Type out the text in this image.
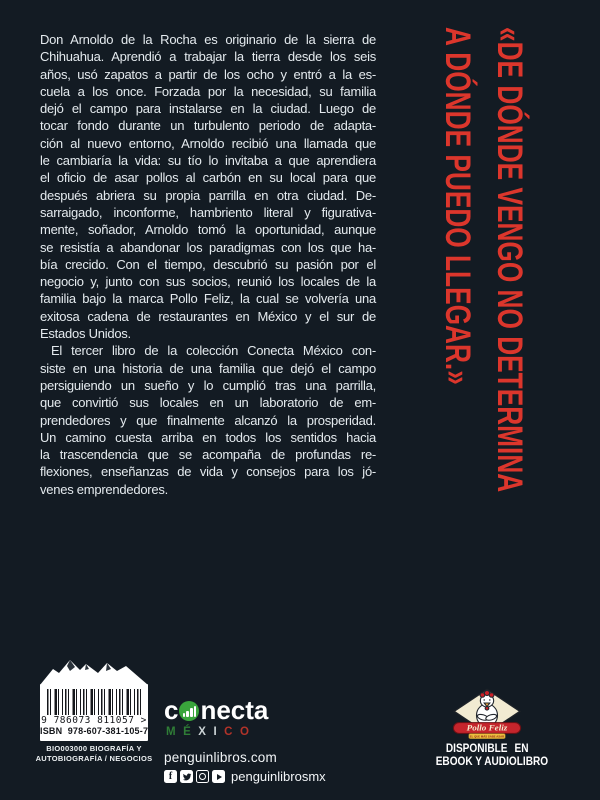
Don Arnoldo de la Rocha es originario de la sierra de
Chihuahua. Aprendió a trabajar la tierra desde los seis
años, usó zapatos a partir de los ocho y entró a la es-
cuela a los once. Forzada por la necesidad, su familia
dejó el campo para instalarse en la ciudad. Luego de
tocar fondo durante un turbulento periodo de adapta-
ción al nuevo entorno, Arnoldo recibió una llamada que
le cambiaría la vida: su tío lo invitaba a que aprendiera
el oficio de asar pollos al carbón en su local para que
después abriera su propia parrilla en otra ciudad. De-
sarraigado, inconforme, hambriento literal y figurativa-
mente, soñador, Arnoldo tomó la oportunidad, aunque
se resistía a abandonar los paradigmas con los que ha-
bía crecido. Con el tiempo, descubrió su pasión por el
negocio y, junto con sus socios, reunió los locales de la
familia bajo la marca Pollo Feliz, la cual se volvería una
exitosa cadena de restaurantes en México y el sur de
Estados Unidos.
El tercer libro de la colección Conecta México con-
siste en una historia de una familia que dejó el campo
persiguiendo un sueño y lo cumplió tras una parrilla,
que convirtió sus locales en un laboratorio de em-
prendedores y que finalmente alcanzó la prosperidad.
Un camino cuesta arriba en todos los sentidos hacia
la trascendencia que se acompaña de profundas re-
flexiones, enseñanzas de vida y consejos para los jó-
venes emprendedores.	«DE DÓNDE VENGO NO DETERMINA
A DÓNDE PUEDO LLEGAR.»
9 786073 811057 >
ISBN  978-607-381-105-7
BIO003000 BIOGRAFÍA Y
AUTOBIOGRAFÍA / NEGOCIOS
c necta
M É X I C O
penguinlibros.com
f	penguinlibrosmx
Pollo Feliz
EL QUE MÁS SABE ASAR
DISPONIBLE EN
EBOOK Y AUDIOLIBRO
